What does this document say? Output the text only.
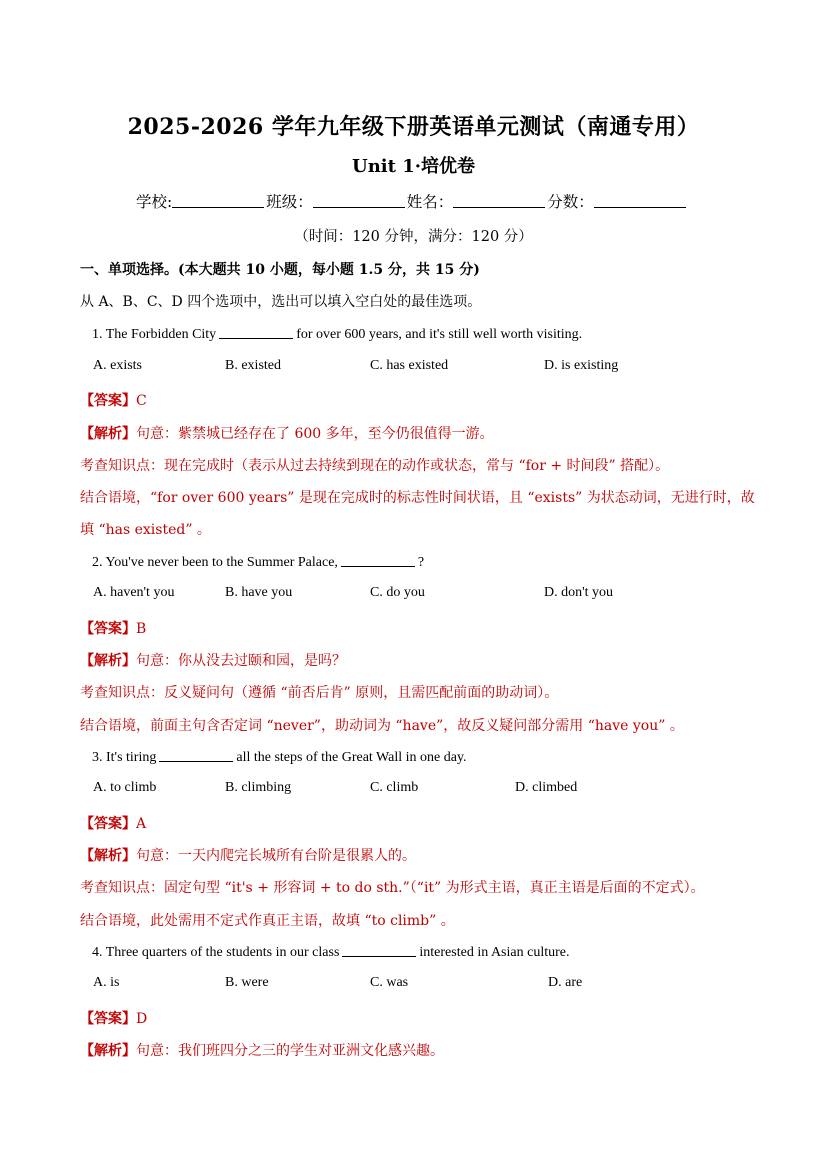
2025-2026 学年九年级下册英语单元测试（南通专用）
Unit 1·培优卷
学校:	班级：	姓名：	分数：
（时间：120 分钟，满分：120 分）
一、单项选择。(本大题共 10 小题，每小题 1.5 分，共 15 分)
从 A、B、C、D 四个选项中，选出可以填入空白处的最佳选项。
1. The Forbidden City	for over 600 years, and it's still well worth visiting.
A. exists	B. existed	C. has existed	D. is existing
【答案】C
【解析】句意：紫禁城已经存在了 600 多年，至今仍很值得一游。
考查知识点：现在完成时（表示从过去持续到现在的动作或状态，常与 “for + 时间段” 搭配）。
结合语境，“for over 600 years” 是现在完成时的标志性时间状语，且 “exists” 为状态动词，无进行时，故
填 “has existed” 。
2. You've never been to the Summer Palace,	?
A. haven't you	B. have you	C. do you	D. don't you
【答案】B
【解析】句意：你从没去过颐和园，是吗？
考查知识点：反义疑问句（遵循 “前否后肯” 原则，且需匹配前面的助动词）。
结合语境，前面主句含否定词 “never”，助动词为 “have”，故反义疑问部分需用 “have you” 。
3. It's tiring	all the steps of the Great Wall in one day.
A. to climb	B. climbing	C. climb	D. climbed
【答案】A
【解析】句意：一天内爬完长城所有台阶是很累人的。
考查知识点：固定句型 “it's + 形容词 + to do sth.”（“it” 为形式主语，真正主语是后面的不定式）。
结合语境，此处需用不定式作真正主语，故填 “to climb” 。
4. Three quarters of the students in our class	interested in Asian culture.
A. is	B. were	C. was	D. are
【答案】D
【解析】句意：我们班四分之三的学生对亚洲文化感兴趣。
